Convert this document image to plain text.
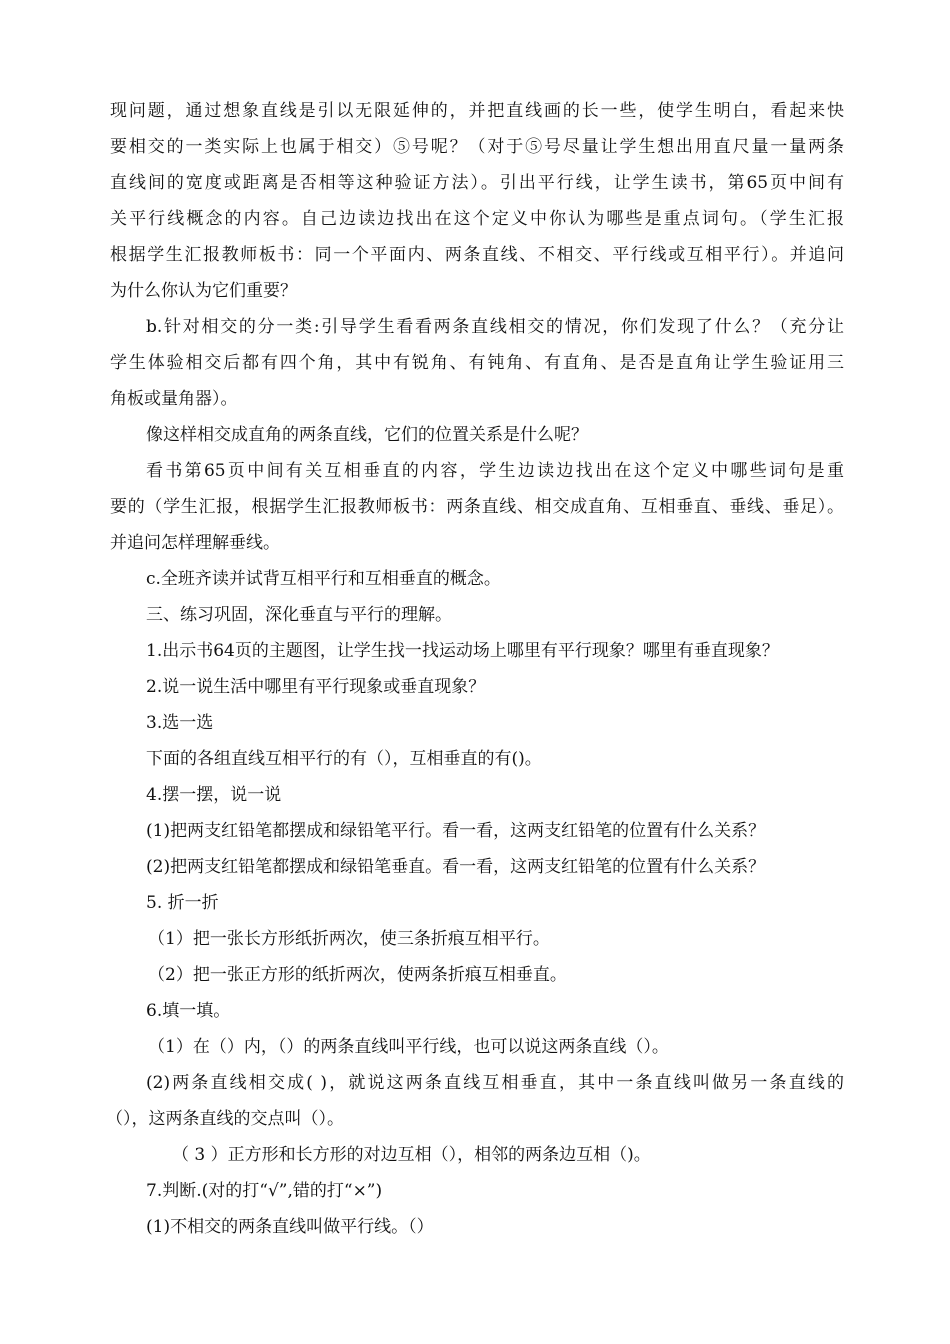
现问题，通过想象直线是引以无限延伸的，并把直线画的长一些，使学生明白，看起来快
要相交的一类实际上也属于相交）⑤号呢？（对于⑤号尽量让学生想出用直尺量一量两条
直线间的宽度或距离是否相等这种验证方法）。引出平行线，让学生读书，第65页中间有
关平行线概念的内容。自己边读边找出在这个定义中你认为哪些是重点词句。（学生汇报
根据学生汇报教师板书：同一个平面内、两条直线、不相交、平行线或互相平行）。并追问
为什么你认为它们重要？
b.针对相交的分一类:引导学生看看两条直线相交的情况，你们发现了什么？（充分让
学生体验相交后都有四个角，其中有锐角、有钝角、有直角、是否是直角让学生验证用三
角板或量角器）。
像这样相交成直角的两条直线，它们的位置关系是什么呢？
看书第65页中间有关互相垂直的内容，学生边读边找出在这个定义中哪些词句是重
要的（学生汇报，根据学生汇报教师板书：两条直线、相交成直角、互相垂直、垂线、垂足）。
并追问怎样理解垂线。
c.全班齐读并试背互相平行和互相垂直的概念。
三、练习巩固，深化垂直与平行的理解。
1.出示书64页的主题图，让学生找一找运动场上哪里有平行现象？哪里有垂直现象？
2.说一说生活中哪里有平行现象或垂直现象？
3.选一选
下面的各组直线互相平行的有（），互相垂直的有()。
4.摆一摆，说一说
(1)把两支红铅笔都摆成和绿铅笔平行。看一看，这两支红铅笔的位置有什么关系？
(2)把两支红铅笔都摆成和绿铅笔垂直。看一看，这两支红铅笔的位置有什么关系？
5. 折一折
（1）把一张长方形纸折两次，使三条折痕互相平行。
（2）把一张正方形的纸折两次，使两条折痕互相垂直。
6.填一填。
（1）在（）内，（）的两条直线叫平行线，也可以说这两条直线（）。
(2)两条直线相交成( )，就说这两条直线互相垂直，其中一条直线叫做另一条直线的
（），这两条直线的交点叫（）。
（ 3 ）正方形和长方形的对边互相（），相邻的两条边互相（)。
7.判断.(对的打“√”,错的打“×”)
(1)不相交的两条直线叫做平行线。（）
